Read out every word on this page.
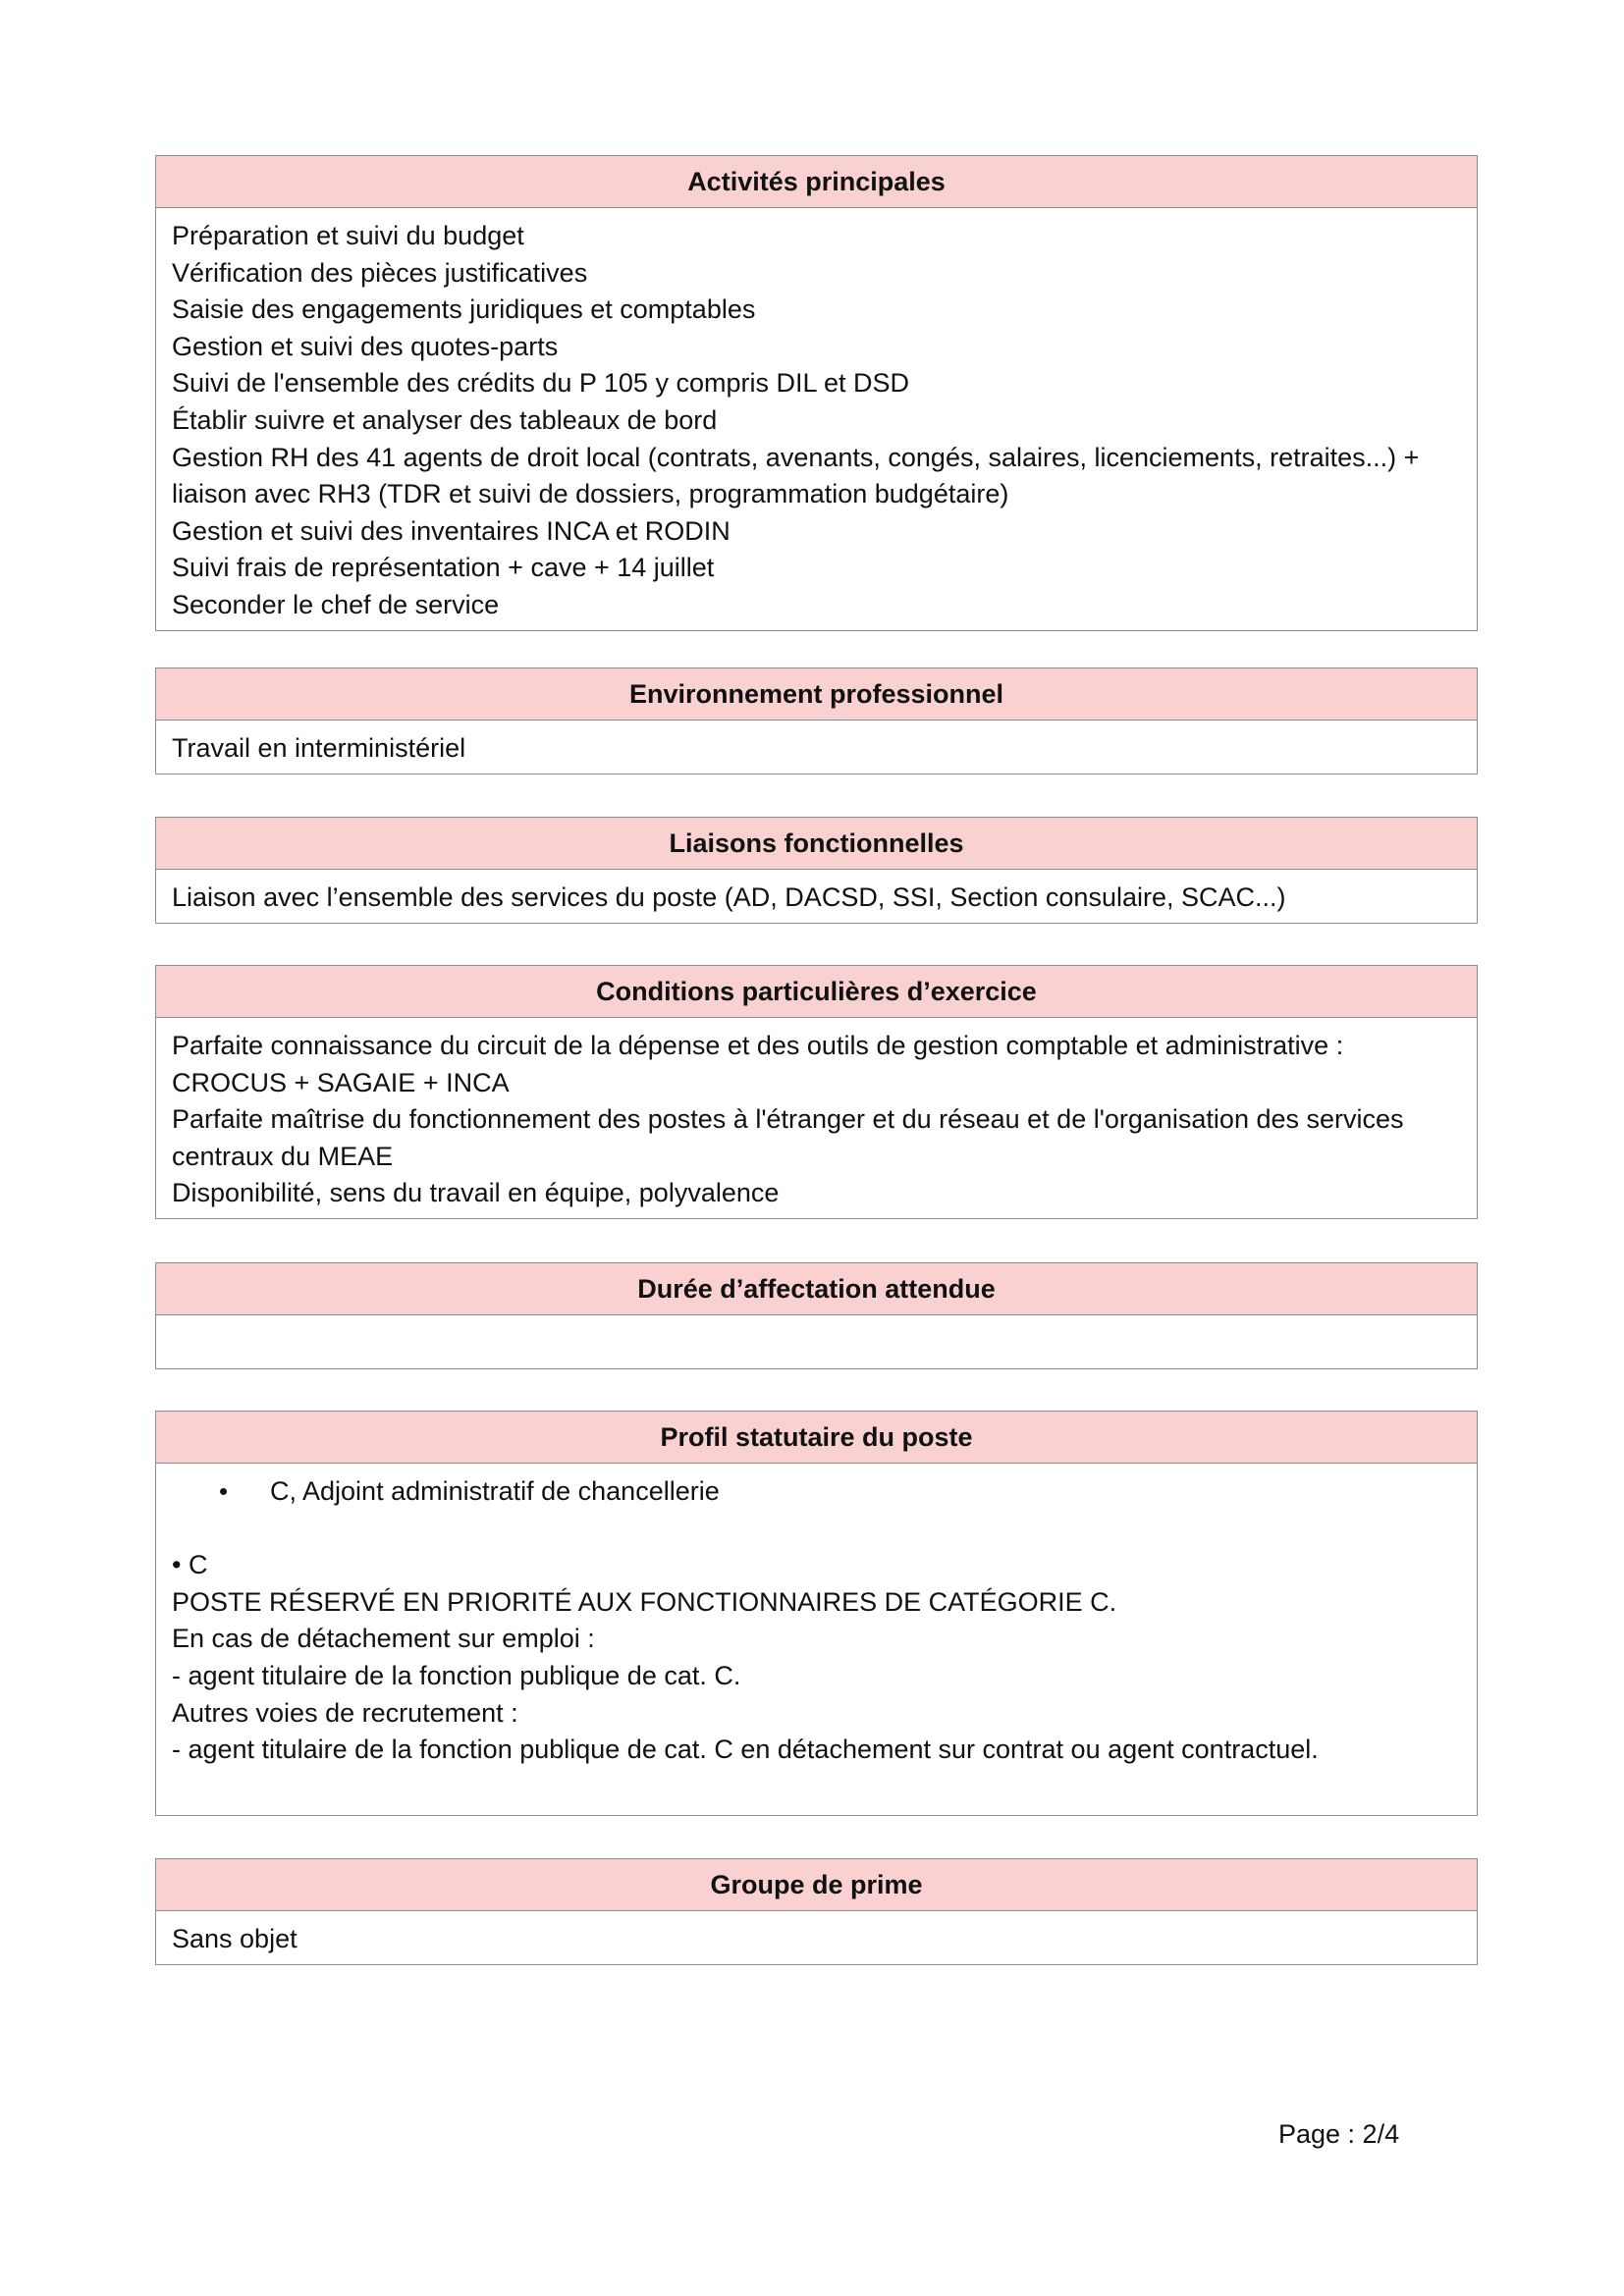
Activités principales
Préparation et suivi du budget
Vérification des pièces justificatives
Saisie des engagements juridiques et comptables
Gestion et suivi des quotes-parts
Suivi de l'ensemble des crédits du P 105 y compris DIL et DSD
Établir suivre et analyser des tableaux de bord
Gestion RH des 41 agents de droit local (contrats, avenants, congés, salaires, licenciements, retraites...) +
liaison avec RH3 (TDR et suivi de dossiers, programmation budgétaire)
Gestion et suivi des inventaires INCA et RODIN
Suivi frais de représentation + cave + 14 juillet
Seconder le chef de service
Environnement professionnel
Travail en interministériel
Liaisons fonctionnelles
Liaison avec l’ensemble des services du poste (AD, DACSD, SSI, Section consulaire, SCAC...)
Conditions particulières d’exercice
Parfaite connaissance du circuit de la dépense et des outils de gestion comptable et administrative :
CROCUS + SAGAIE + INCA
Parfaite maîtrise du fonctionnement des postes à l'étranger et du réseau et de l'organisation des services
centraux du MEAE
Disponibilité, sens du travail en équipe, polyvalence
Durée d’affectation attendue
Profil statutaire du poste
•	C, Adjoint administratif de chancellerie
• C
POSTE RÉSERVÉ EN PRIORITÉ AUX FONCTIONNAIRES DE CATÉGORIE C.
En cas de détachement sur emploi :
- agent titulaire de la fonction publique de cat. C.
Autres voies de recrutement :
- agent titulaire de la fonction publique de cat. C en détachement sur contrat ou agent contractuel.
Groupe de prime
Sans objet
Page : 2/4
